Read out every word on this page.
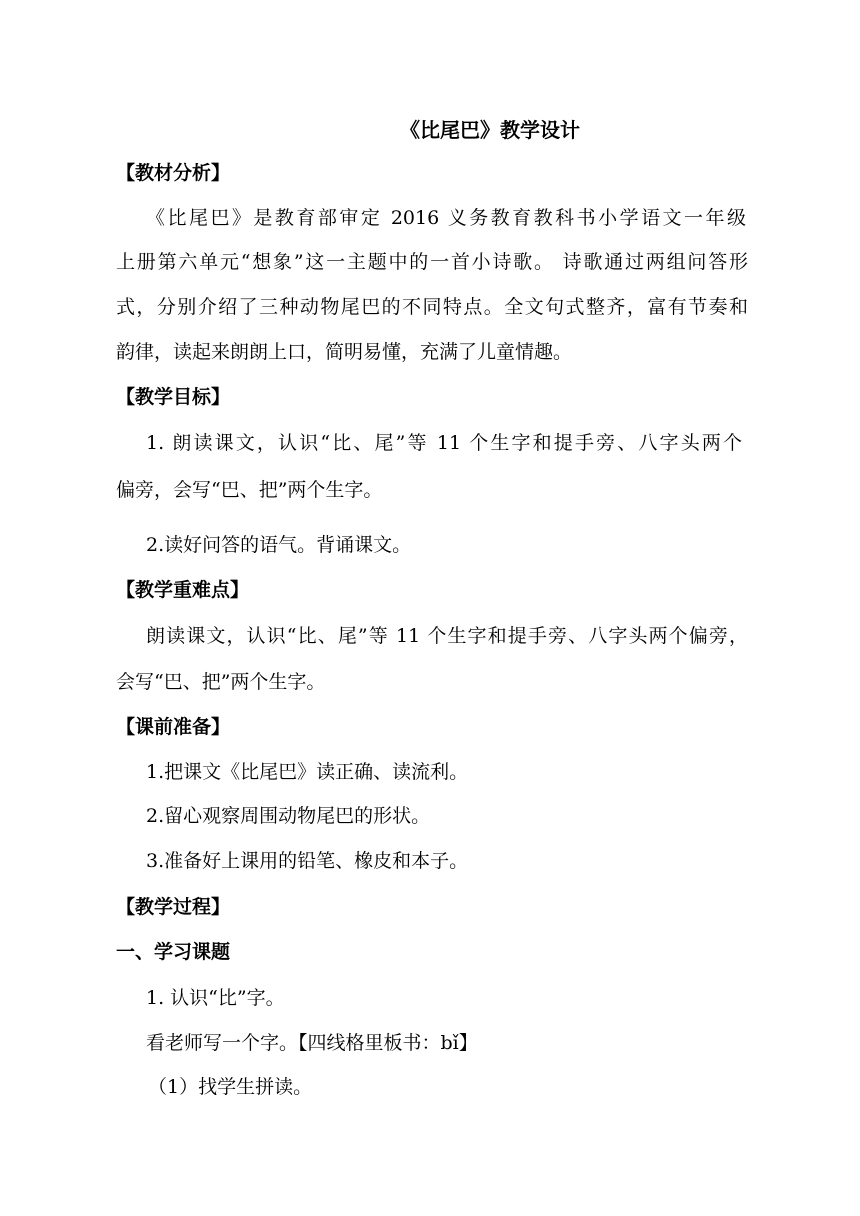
《比尾巴》教学设计
【教材分析】
《比尾巴》是教育部审定 2016 义务教育教科书小学语文一年级
上册第六单元“想象”这一主题中的一首小诗歌。 诗歌通过两组问答形
式，分别介绍了三种动物尾巴的不同特点。全文句式整齐，富有节奏和
韵律，读起来朗朗上口，简明易懂，充满了儿童情趣。
【教学目标】
1. 朗读课文，认识“比、尾”等 11 个生字和提手旁、八字头两个
偏旁，会写“巴、把”两个生字。
2.读好问答的语气。背诵课文。
【教学重难点】
朗读课文，认识“比、尾”等 11 个生字和提手旁、八字头两个偏旁，
会写“巴、把”两个生字。
【课前准备】
1.把课文《比尾巴》读正确、读流利。
2.留心观察周围动物尾巴的形状。
3.准备好上课用的铅笔、橡皮和本子。
【教学过程】
一、学习课题
1. 认识“比”字。
看老师写一个字。【四线格里板书：bǐ】
（1）找学生拼读。
